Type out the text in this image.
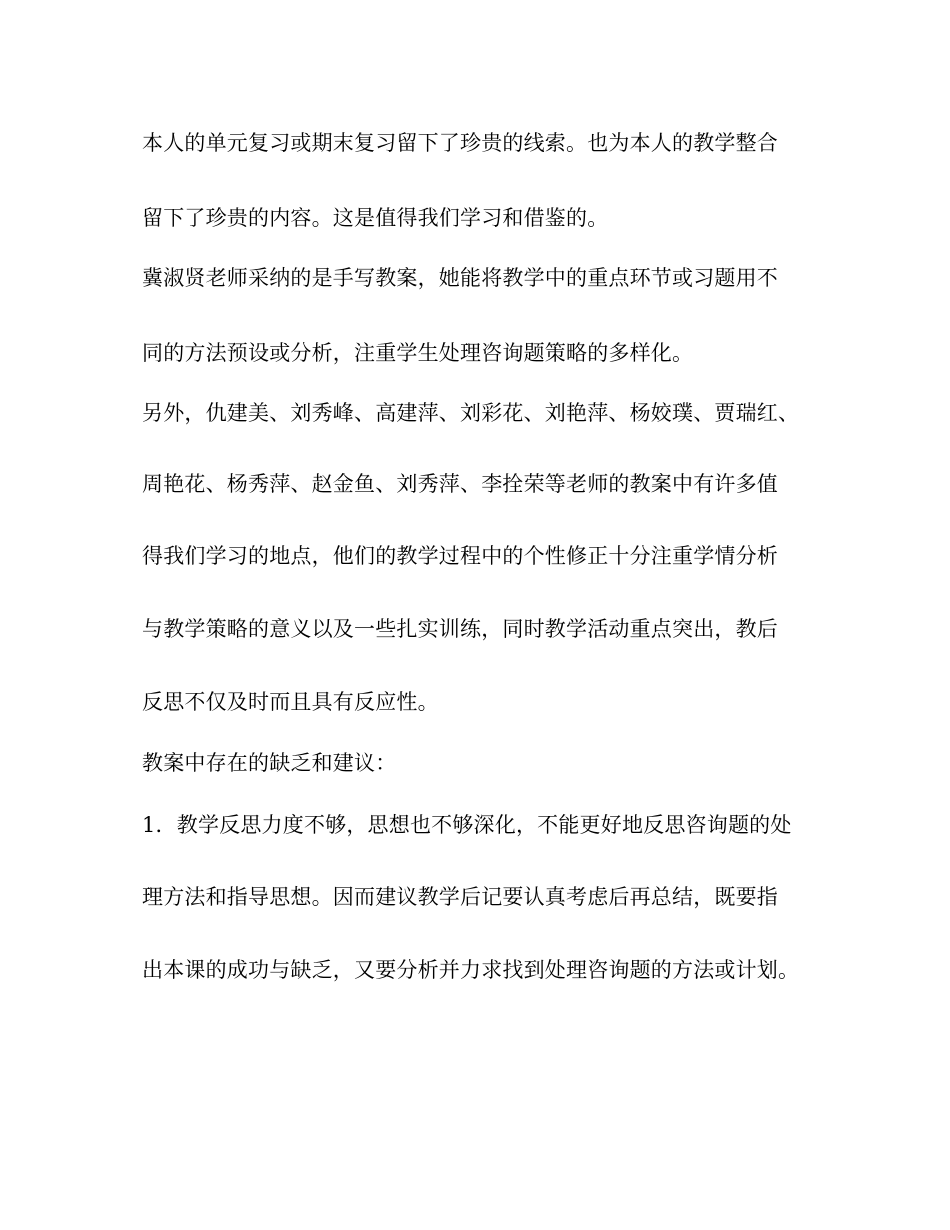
本人的单元复习或期末复习留下了珍贵的线索。也为本人的教学整合
留下了珍贵的内容。这是值得我们学习和借鉴的。
冀淑贤老师采纳的是手写教案，她能将教学中的重点环节或习题用不
同的方法预设或分析，注重学生处理咨询题策略的多样化。
另外，仇建美、刘秀峰、高建萍、刘彩花、刘艳萍、杨姣璞、贾瑞红、
周艳花、杨秀萍、赵金鱼、刘秀萍、李拴荣等老师的教案中有许多值
得我们学习的地点，他们的教学过程中的个性修正十分注重学情分析
与教学策略的意义以及一些扎实训练，同时教学活动重点突出，教后
反思不仅及时而且具有反应性。
教案中存在的缺乏和建议：
1．教学反思力度不够，思想也不够深化，不能更好地反思咨询题的处
理方法和指导思想。因而建议教学后记要认真考虑后再总结，既要指
出本课的成功与缺乏，又要分析并力求找到处理咨询题的方法或计划。
